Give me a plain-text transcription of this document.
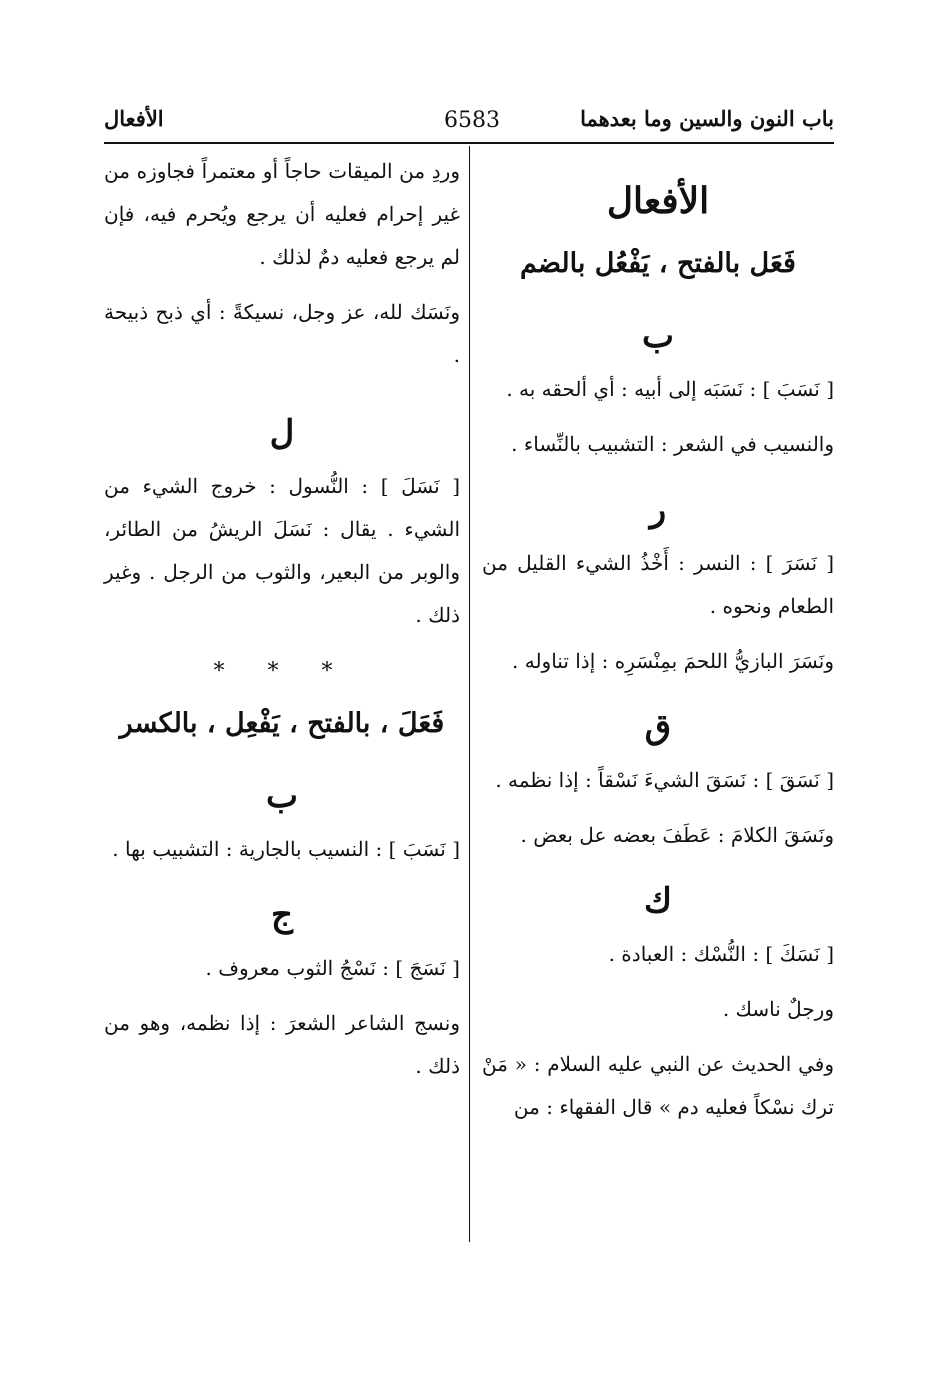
باب النون والسين وما بعدهما
6583
الأفعال
الأفعال
فَعَل بالفتح ، يَفْعُل بالضم
ب

[ نَسَبَ ] : نَسَبَه إلى أبيه : أي ألحقه به .

والنسيب في الشعر : التشبيب بالنِّساء .

ر

[ نَسَرَ ] : النسر : أَخْذُ الشيء القليل من الطعام ونحوه .

ونَسَرَ البازيُّ اللحمَ بمِنْسَرِه : إذا تناوله .

ق

[ نَسَقَ ] : نَسَقَ الشيءَ نَسْقاً : إذا نظمه .

ونَسَقَ الكلامَ : عَطَفَ بعضه عل بعض .

ك

[ نَسَكَ ] : النُّسْك : العبادة .

ورجلٌ ناسك .

وفي الحديث عن النبي عليه السلام : « مَنْ ترك نسْكاً فعليه دم » قال الفقهاء : من

وردِ من الميقات حاجاً أو معتمراً فجاوزه من غير إحرام فعليه أن يرجع ويُحرم فيه، فإن لم يرجع فعليه دمٌ لذلك .

ونَسَك لله، عز وجل، نسيكةً : أي ذبح ذبيحة .

ل

[ نَسَلَ ] : النُّسول : خروج الشيء من الشيء . يقال : نَسَلَ الريشُ من الطائر، والوبر من البعير، والثوب من الرجل . وغير ذلك .

* * *
فَعَلَ ، بالفتح ، يَفْعِل ، بالكسر
ب

[ نَسَبَ ] : النسيب بالجارية : التشبيب بها .

ج

[ نَسَجَ ] : نَسْجُ الثوب معروف .

ونسج الشاعر الشعرَ : إذا نظمه، وهو من ذلك .
